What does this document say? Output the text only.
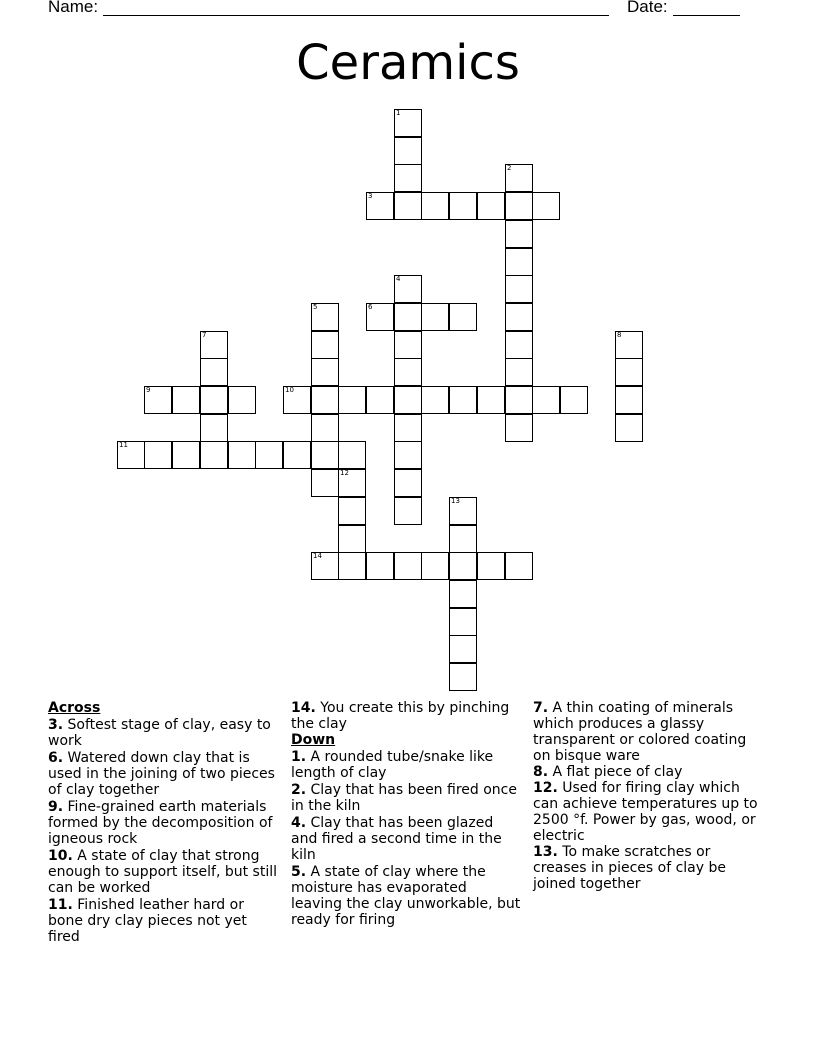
Name:	Date:
Ceramics
1
2
3
4
5	6
7	8
9	10
11
12
13
14
Across
3. Softest stage of clay, easy to work
6. Watered down clay that is used in the joining of two pieces of clay together
9. Fine-grained earth materials formed by the decomposition of igneous rock
10. A state of clay that strong enough to support itself, but still can be worked
11. Finished leather hard or bone dry clay pieces not yet fired
14. You create this by pinching the clay
Down
1. A rounded tube/snake like length of clay
2. Clay that has been fired once in the kiln
4. Clay that has been glazed and fired a second time in the kiln
5. A state of clay where the moisture has evaporated leaving the clay unworkable, but ready for firing
7. A thin coating of minerals which produces a glassy transparent or colored coating on bisque ware
8. A flat piece of clay
12. Used for firing clay which can achieve temperatures up to 2500 °f. Power by gas, wood, or electric
13. To make scratches or creases in pieces of clay be joined together
